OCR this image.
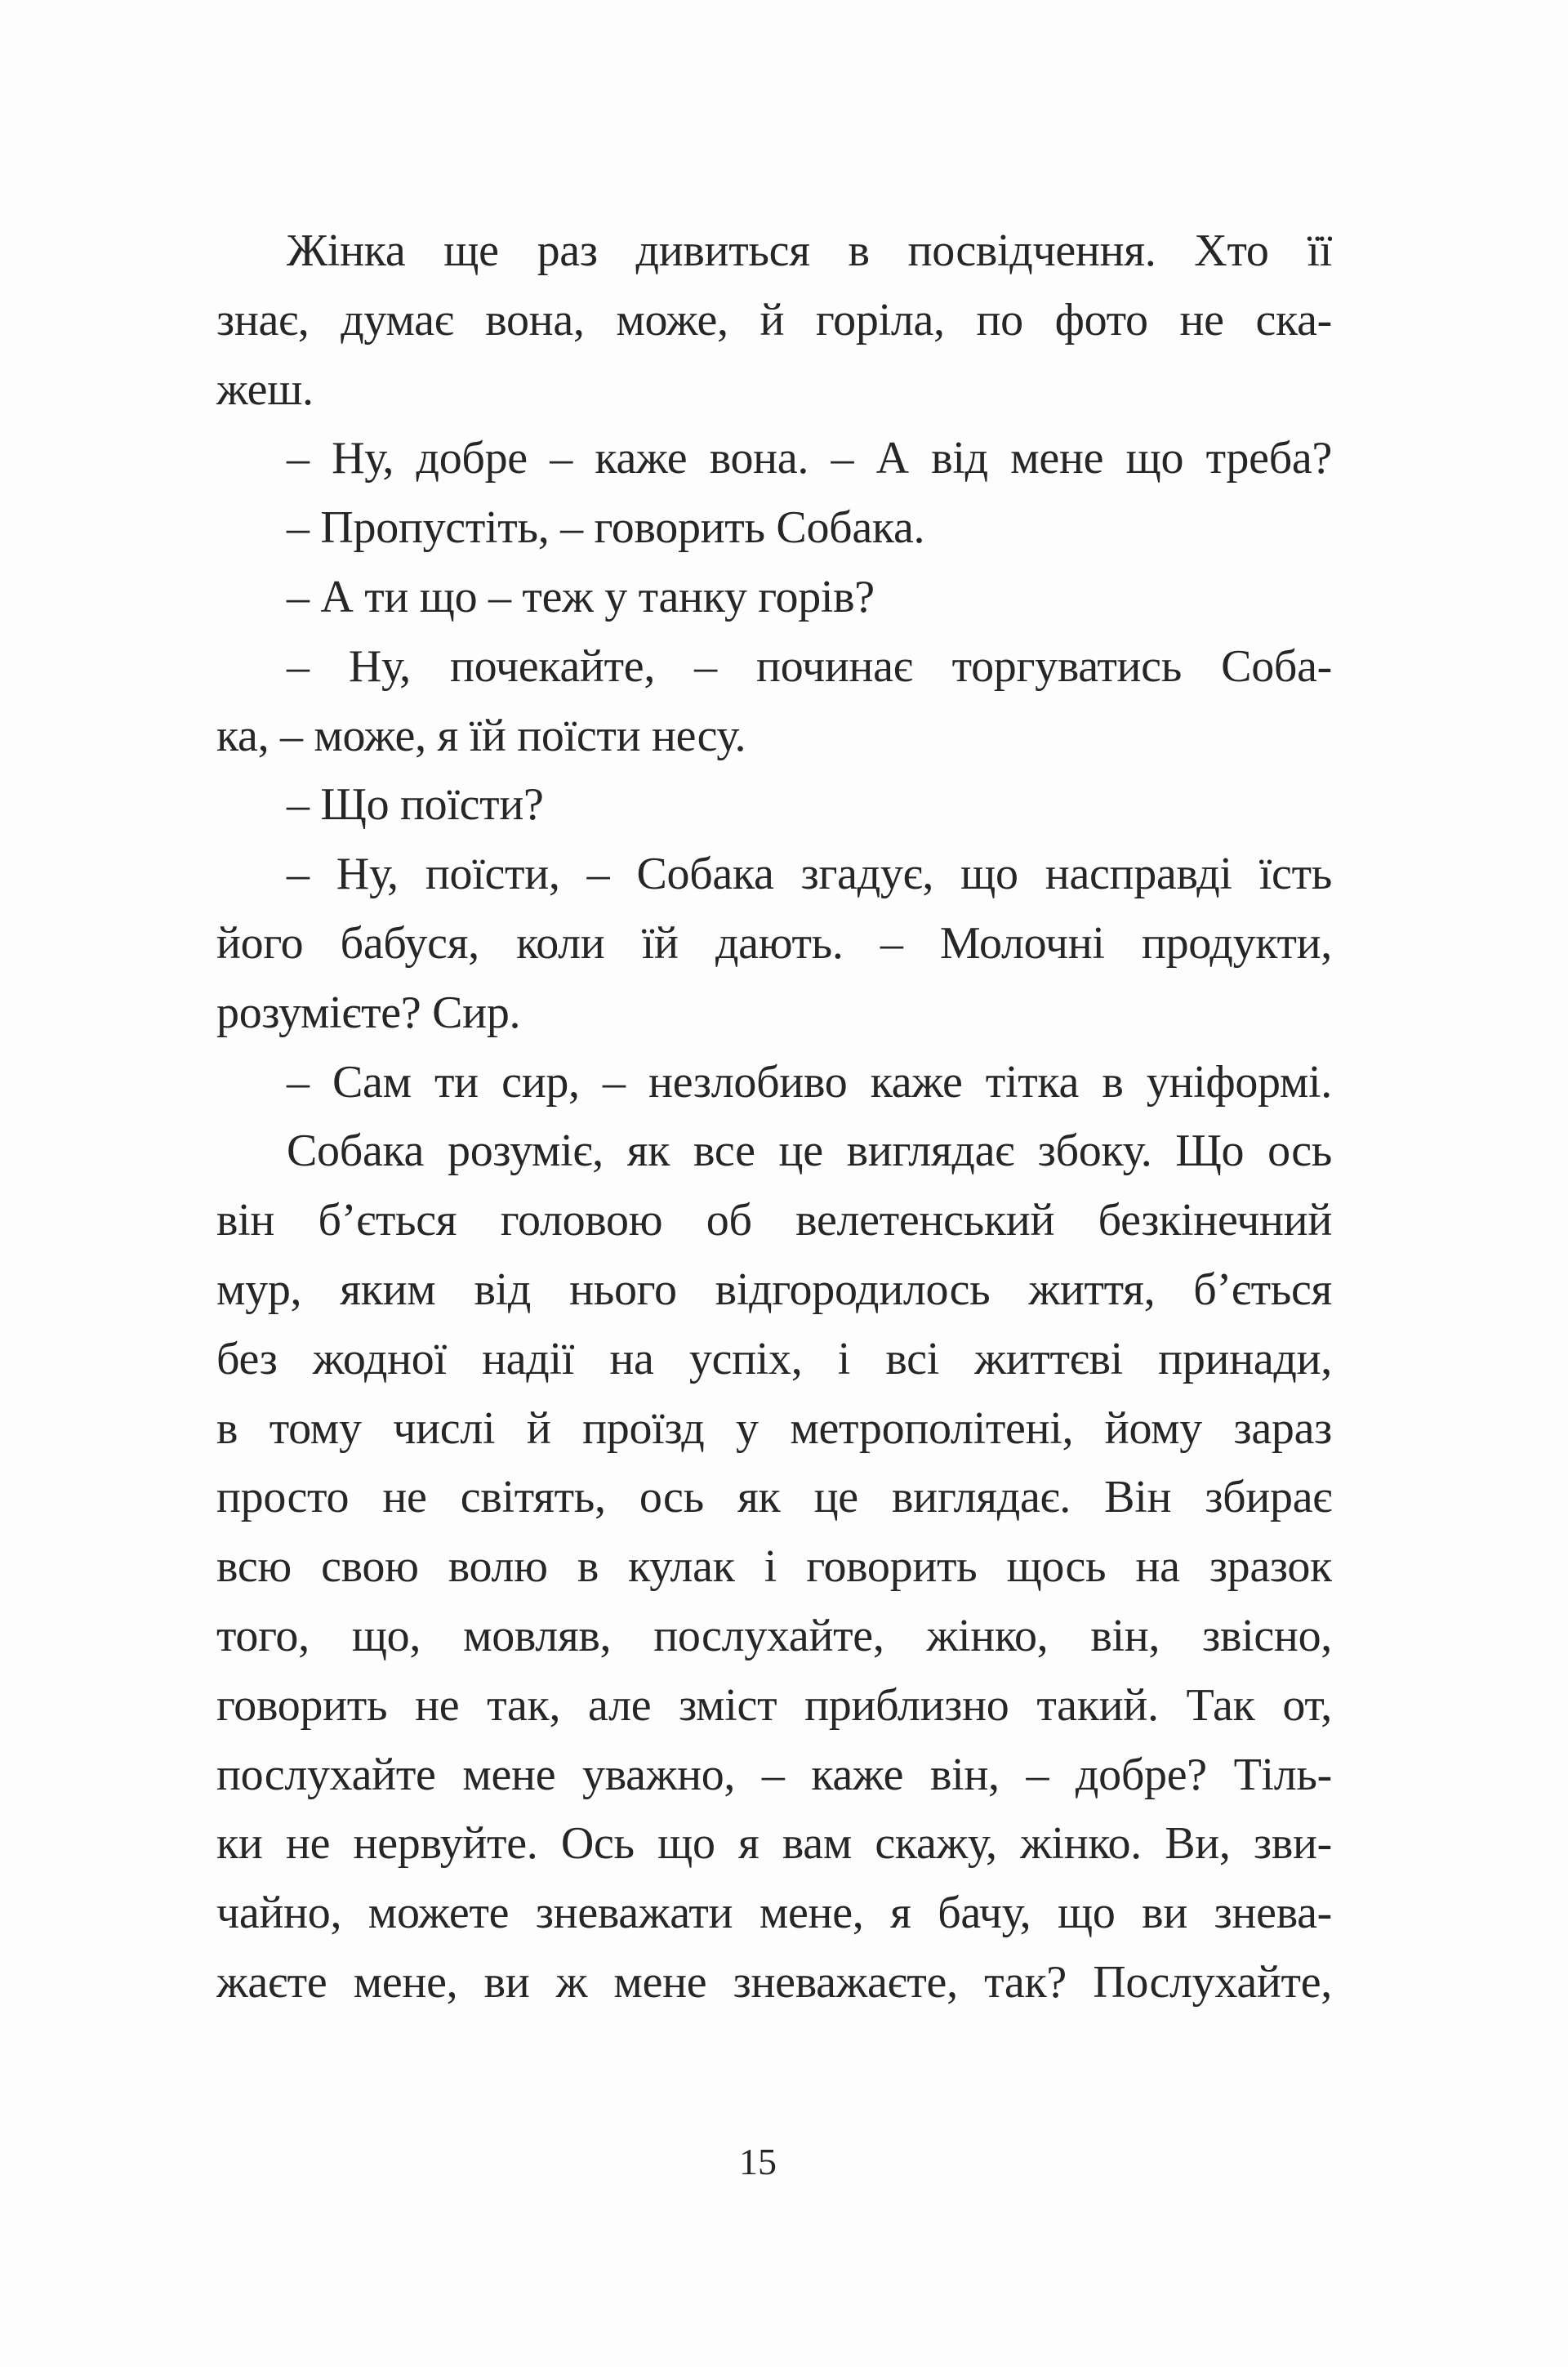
Жінка ще раз дивиться в посвідчення. Хто її
знає, думає вона, може, й горіла, по фото не ска-
жеш.
– Ну, добре – каже вона. – А від мене що треба?
– Пропустіть, – говорить Собака.
– А ти що – теж у танку горів?
– Ну, почекайте, – починає торгуватись Соба-
ка, – може, я їй поїсти несу.
– Що поїсти?
– Ну, поїсти, – Собака згадує, що насправді їсть
його бабуся, коли їй дають. – Молочні продукти,
розумієте? Сир.
– Сам ти сир, – незлобиво каже тітка в уніформі.
Собака розуміє, як все це виглядає збоку. Що ось
він б’ється головою об велетенський безкінечний
мур, яким від нього відгородилось життя, б’ється
без жодної надії на успіх, і всі життєві принади,
в тому числі й проїзд у метрополітені, йому зараз
просто не світять, ось як це виглядає. Він збирає
всю свою волю в кулак і говорить щось на зразок
того, що, мовляв, послухайте, жінко, він, звісно,
говорить не так, але зміст приблизно такий. Так от,
послухайте мене уважно, – каже він, – добре? Тіль-
ки не нервуйте. Ось що я вам скажу, жінко. Ви, зви-
чайно, можете зневажати мене, я бачу, що ви знева-
жаєте мене, ви ж мене зневажаєте, так? Послухайте,
15
